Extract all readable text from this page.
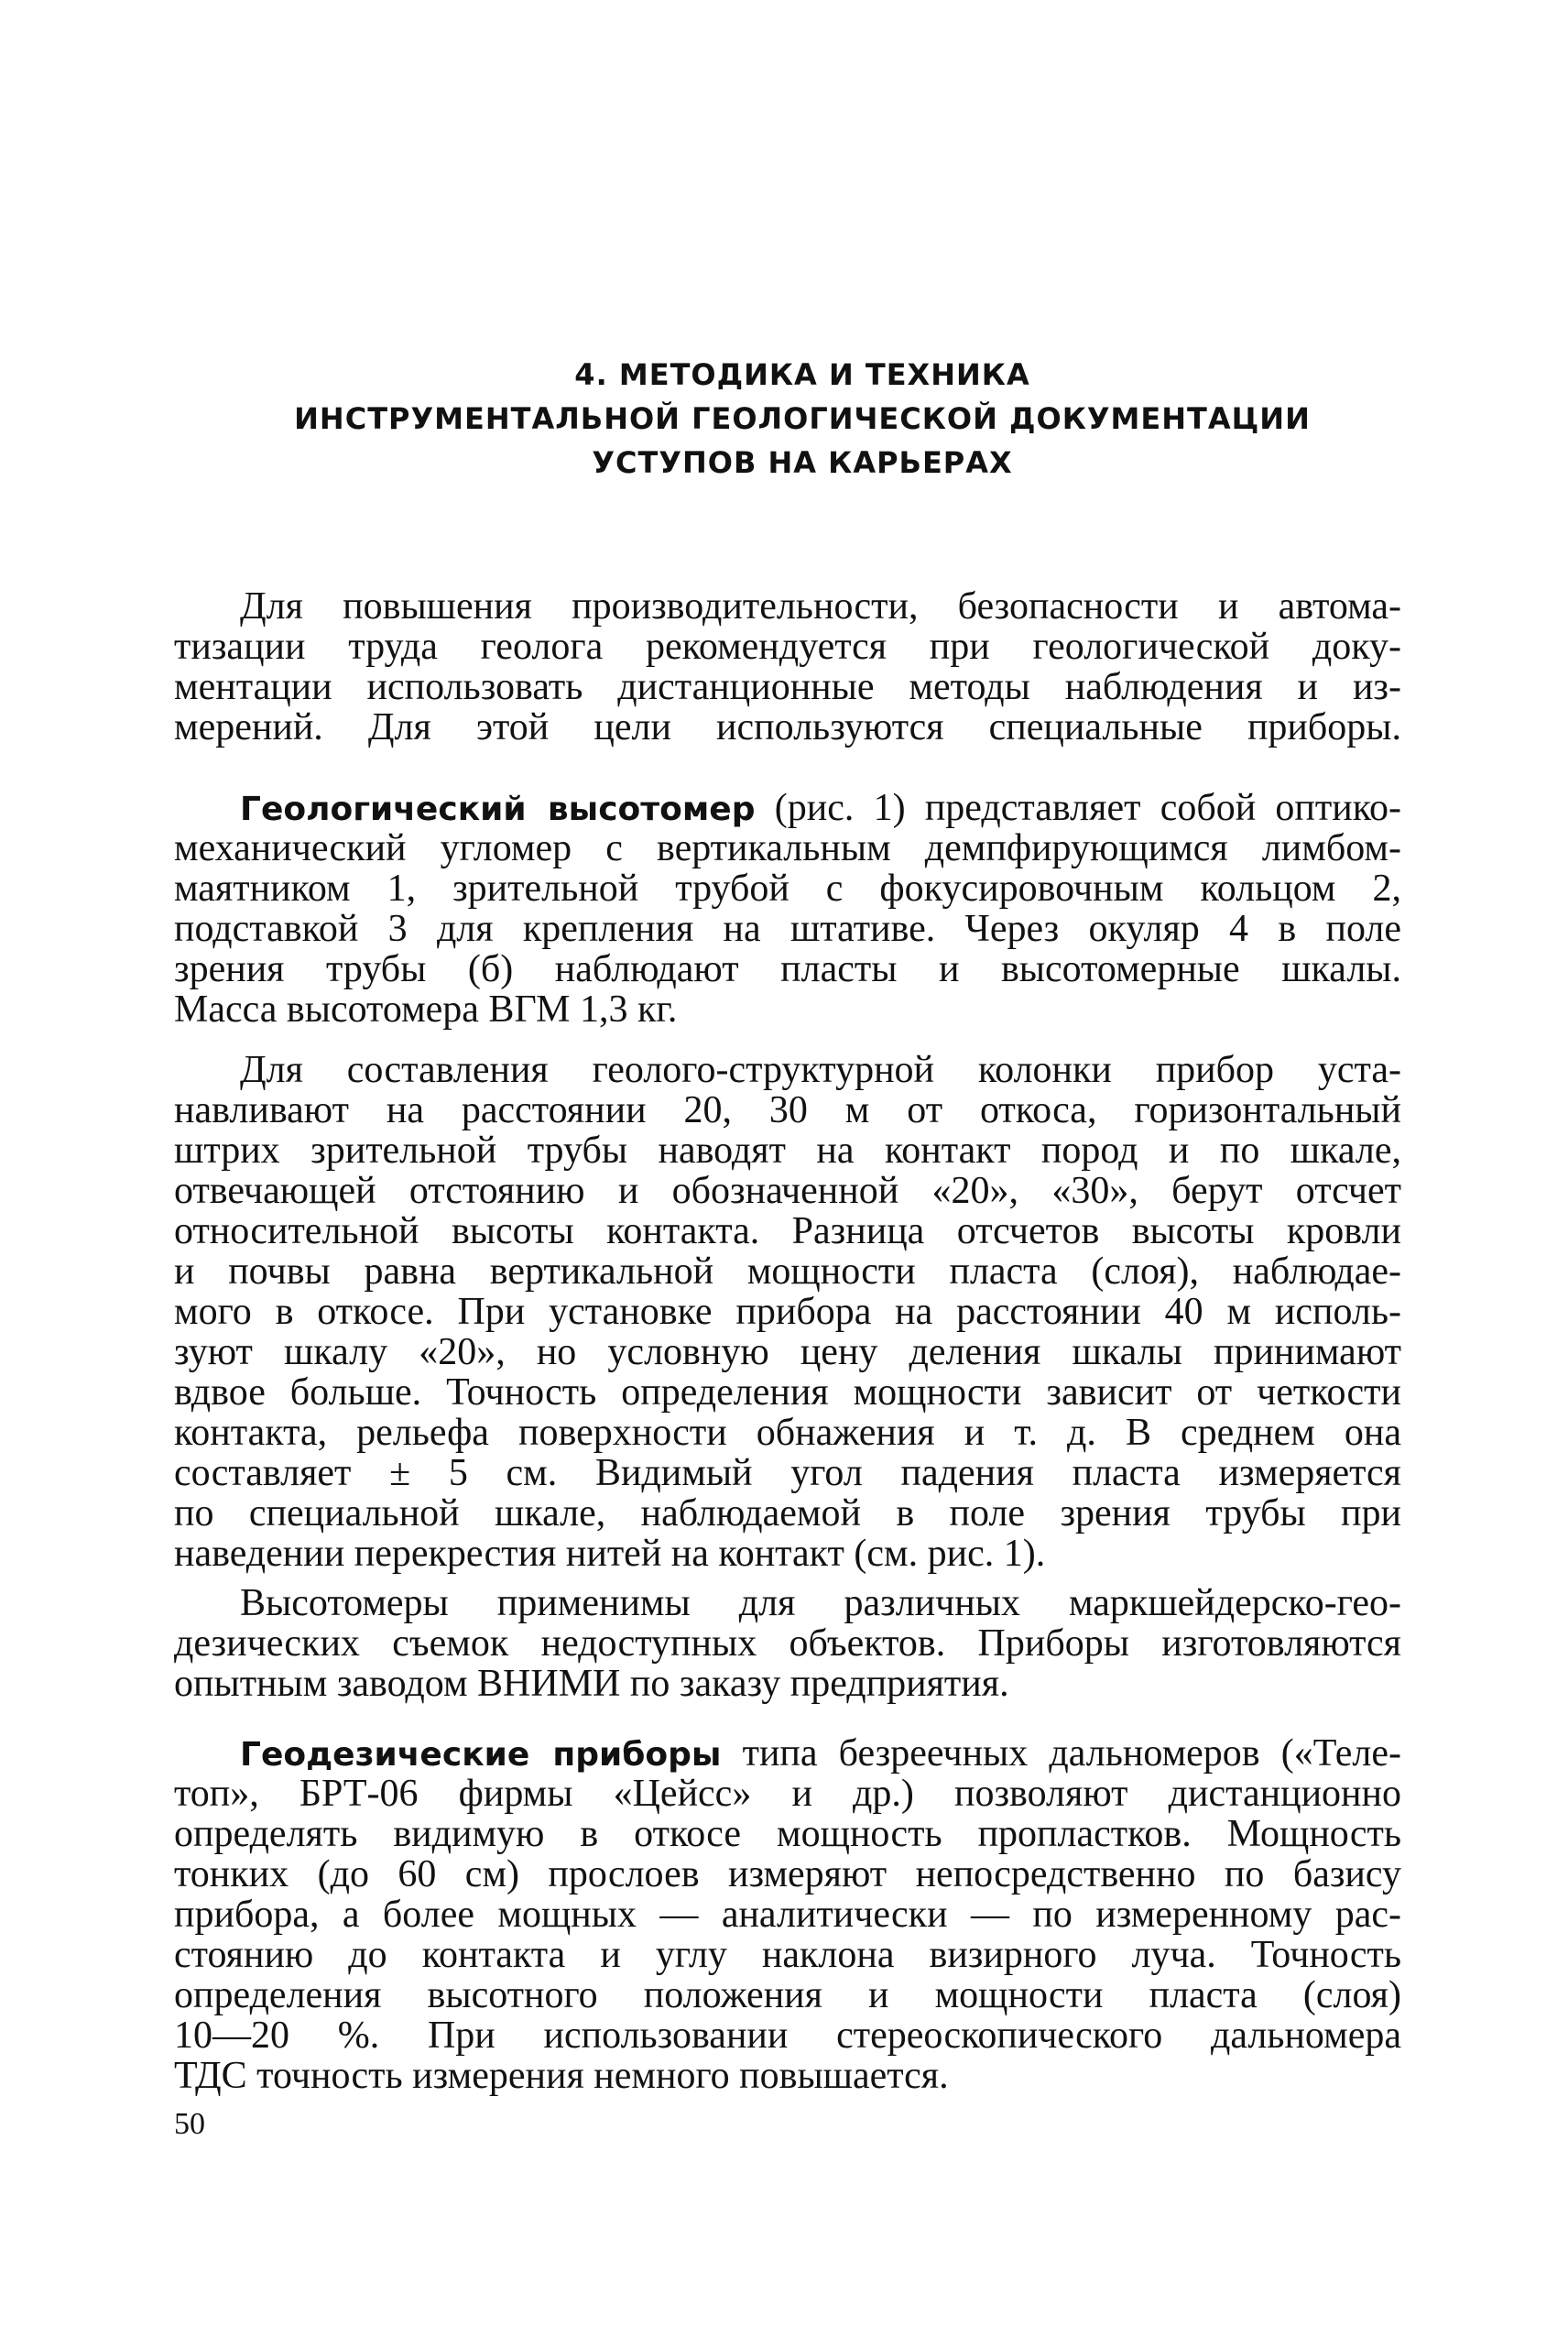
4. МЕТОДИКА И ТЕХНИКА
ИНСТРУМЕНТАЛЬНОЙ ГЕОЛОГИЧЕСКОЙ ДОКУМЕНТАЦИИ
УСТУПОВ НА КАРЬЕРАХ
Для повышения производительности, безопасности и автома-
тизации труда геолога рекомендуется при геологической доку-
ментации использовать дистанционные методы наблюдения и из-
мерений. Для этой цели используются специальные приборы.
Геологический высотомер (рис. 1) представляет собой оптико-
механический угломер с вертикальным демпфирующимся лимбом-
маятником 1, зрительной трубой с фокусировочным кольцом 2,
подставкой 3 для крепления на штативе. Через окуляр 4 в поле
зрения трубы (б) наблюдают пласты и высотомерные шкалы.
Масса высотомера ВГМ 1,3 кг.
Для составления геолого-структурной колонки прибор уста-
навливают на расстоянии 20, 30 м от откоса, горизонтальный
штрих зрительной трубы наводят на контакт пород и по шкале,
отвечающей отстоянию и обозначенной «20», «30», берут отсчет
относительной высоты контакта. Разница отсчетов высоты кровли
и почвы равна вертикальной мощности пласта (слоя), наблюдае-
мого в откосе. При установке прибора на расстоянии 40 м исполь-
зуют шкалу «20», но условную цену деления шкалы принимают
вдвое больше. Точность определения мощности зависит от четкости
контакта, рельефа поверхности обнажения и т. д. В среднем она
составляет ± 5 см. Видимый угол падения пласта измеряется
по специальной шкале, наблюдаемой в поле зрения трубы при
наведении перекрестия нитей на контакт (см. рис. 1).
Высотомеры применимы для различных маркшейдерско-гео-
дезических съемок недоступных объектов. Приборы изготовляются
опытным заводом ВНИМИ по заказу предприятия.
Геодезические приборы типа безреечных дальномеров («Теле-
топ», БРТ-06 фирмы «Цейсс» и др.) позволяют дистанционно
определять видимую в откосе мощность пропластков. Мощность
тонких (до 60 см) прослоев измеряют непосредственно по базису
прибора, а более мощных — аналитически — по измеренному рас-
стоянию до контакта и углу наклона визирного луча. Точность
определения высотного положения и мощности пласта (слоя)
10—20 %. При использовании стереоскопического дальномера
ТДС точность измерения немного повышается.
50
